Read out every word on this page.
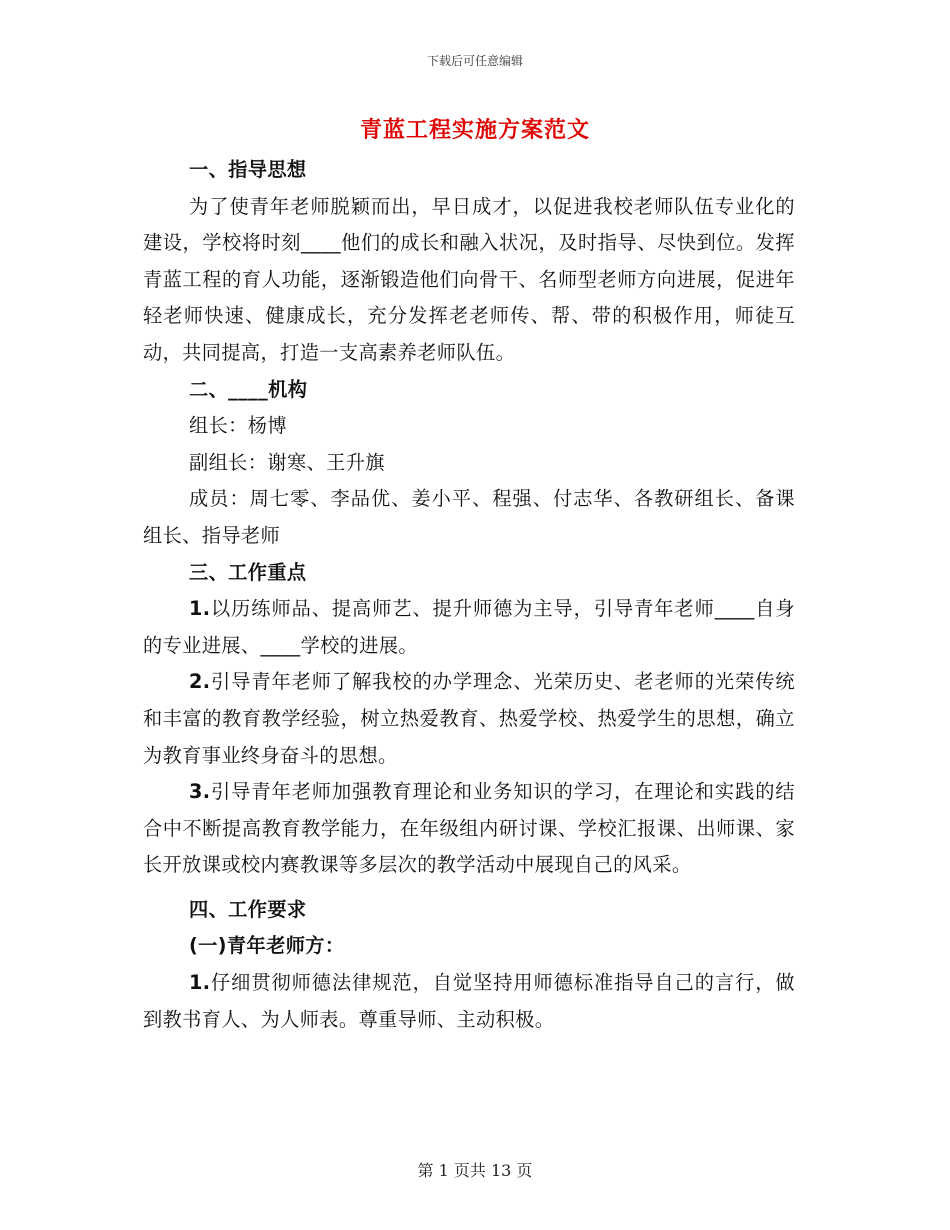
下载后可任意编辑
青蓝工程实施方案范文

一、指导思想

为了使青年老师脱颖而出，早日成才，以促进我校老师队伍专业化的建设，学校将时刻____他们的成长和融入状况，及时指导、尽快到位。发挥青蓝工程的育人功能，逐渐锻造他们向骨干、名师型老师方向进展，促进年轻老师快速、健康成长，充分发挥老老师传、帮、带的积极作用，师徒互动，共同提高，打造一支高素养老师队伍。

二、____机构

组长：杨博

副组长：谢寒、王升旗

成员：周七零、李品优、姜小平、程强、付志华、各教研组长、备课组长、指导老师

三、工作重点

1.以历练师品、提高师艺、提升师德为主导，引导青年老师____自身的专业进展、____学校的进展。

2.引导青年老师了解我校的办学理念、光荣历史、老老师的光荣传统和丰富的教育教学经验，树立热爱教育、热爱学校、热爱学生的思想，确立为教育事业终身奋斗的思想。

3.引导青年老师加强教育理论和业务知识的学习，在理论和实践的结合中不断提高教育教学能力，在年级组内研讨课、学校汇报课、出师课、家长开放课或校内赛教课等多层次的教学活动中展现自己的风采。

四、工作要求

(一)青年老师方：

1.仔细贯彻师德法律规范，自觉坚持用师德标准指导自己的言行，做到教书育人、为人师表。尊重导师、主动积极。

第 1 页共 13 页
